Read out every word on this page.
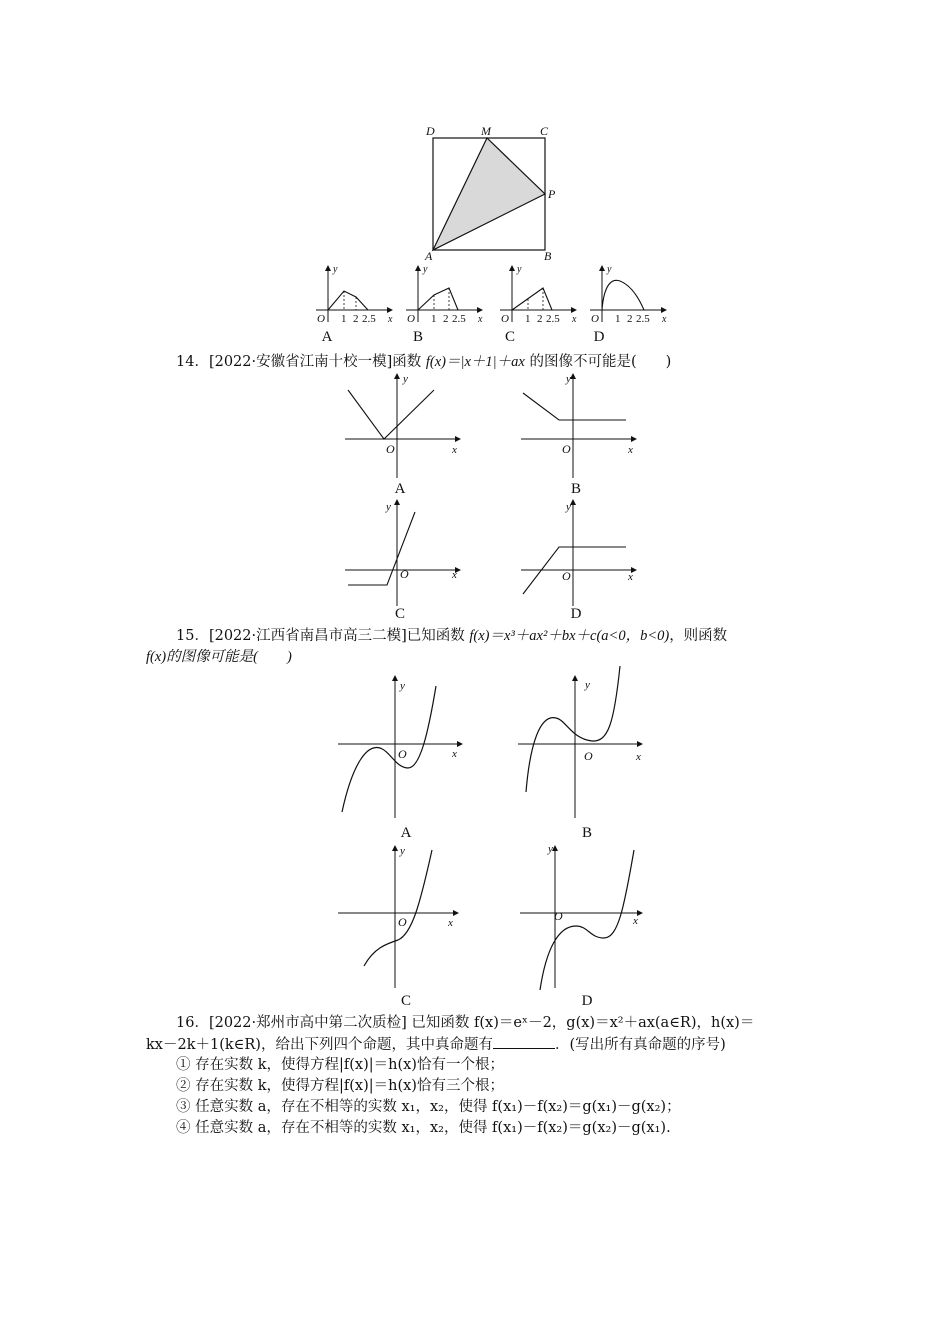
D	M	C
P
A	B
O
y
x
1 2 2.5	O
y
x
1 2 2.5	O
y
x
1 2 2.5	O
y
x
1 2 2.5
A	B	C	D
14．[2022·安徽省江南十校一模]函数 f(x)＝|x＋1|＋ax 的图像不可能是(　　)
O	x
y
O	x
y
O	x
y
O	x
y
A	B
C	D
15．[2022·江西省南昌市高三二模]已知函数 f(x)＝x³＋ax²＋bx＋c(a<0，b<0)，则函数
f(x)的图像可能是(　　)
O	x
y
O	x
y
O	x
y
O	x
y
A	B
C	D
16．[2022·郑州市高中第二次质检] 已知函数 f(x)＝eˣ－2，g(x)＝x²＋ax(a∈R)，h(x)＝
kx－2k＋1(k∈R)，给出下列四个命题，其中真命题有	．(写出所有真命题的序号)
① 存在实数 k，使得方程|f(x)|＝h(x)恰有一个根；
② 存在实数 k，使得方程|f(x)|＝h(x)恰有三个根；
③ 任意实数 a，存在不相等的实数 x₁，x₂，使得 f(x₁)－f(x₂)＝g(x₁)－g(x₂)；
④ 任意实数 a，存在不相等的实数 x₁，x₂，使得 f(x₁)－f(x₂)＝g(x₂)－g(x₁).
